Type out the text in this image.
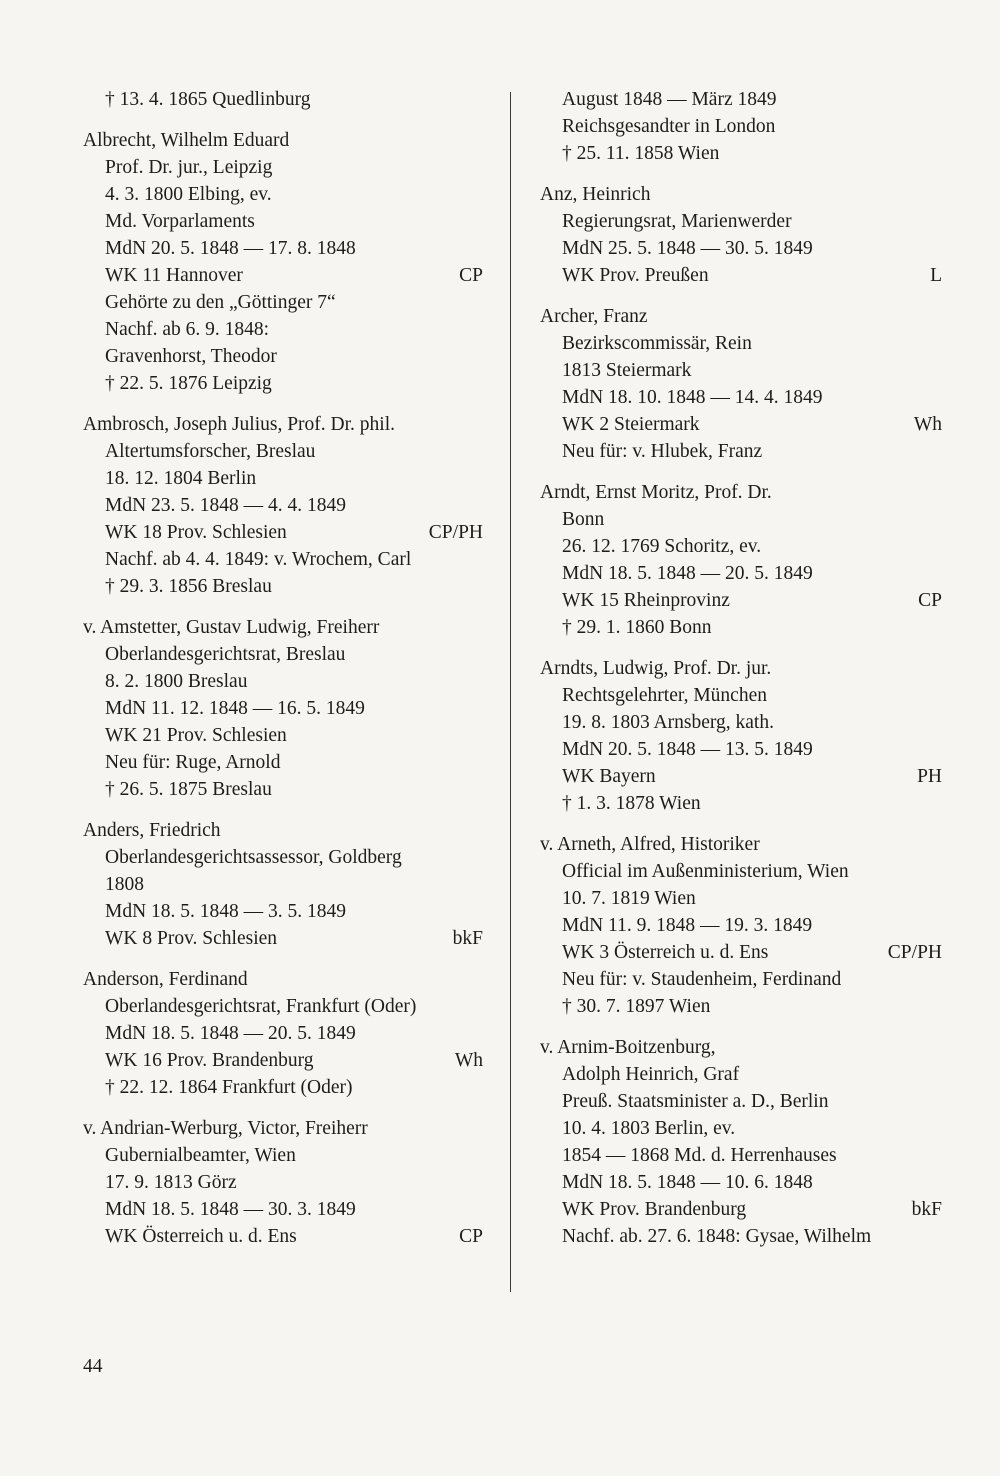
† 13. 4. 1865 Quedlinburg
Albrecht, Wilhelm Eduard
Prof. Dr. jur., Leipzig
4. 3. 1800 Elbing, ev.
Md. Vorparlaments
MdN 20. 5. 1848 — 17. 8. 1848
WK 11 Hannover	CP
Gehörte zu den „Göttinger 7“
Nachf. ab 6. 9. 1848:
Gravenhorst, Theodor
† 22. 5. 1876 Leipzig
Ambrosch, Joseph Julius, Prof. Dr. phil.
Altertumsforscher, Breslau
18. 12. 1804 Berlin
MdN 23. 5. 1848 — 4. 4. 1849
WK 18 Prov. Schlesien	CP/PH
Nachf. ab 4. 4. 1849: v. Wrochem, Carl
† 29. 3. 1856 Breslau
v. Amstetter, Gustav Ludwig, Freiherr
Oberlandesgerichtsrat, Breslau
8. 2. 1800 Breslau
MdN 11. 12. 1848 — 16. 5. 1849
WK 21 Prov. Schlesien
Neu für: Ruge, Arnold
† 26. 5. 1875 Breslau
Anders, Friedrich
Oberlandesgerichtsassessor, Goldberg
1808
MdN 18. 5. 1848 — 3. 5. 1849
WK 8 Prov. Schlesien	bkF
Anderson, Ferdinand
Oberlandesgerichtsrat, Frankfurt (Oder)
MdN 18. 5. 1848 — 20. 5. 1849
WK 16 Prov. Brandenburg	Wh
† 22. 12. 1864 Frankfurt (Oder)
v. Andrian-Werburg, Victor, Freiherr
Gubernialbeamter, Wien
17. 9. 1813 Görz
MdN 18. 5. 1848 — 30. 3. 1849
WK Österreich u. d. Ens	CP
August 1848 — März 1849
Reichsgesandter in London
† 25. 11. 1858 Wien
Anz, Heinrich
Regierungsrat, Marienwerder
MdN 25. 5. 1848 — 30. 5. 1849
WK Prov. Preußen	L
Archer, Franz
Bezirkscommissär, Rein
1813 Steiermark
MdN 18. 10. 1848 — 14. 4. 1849
WK 2 Steiermark	Wh
Neu für: v. Hlubek, Franz
Arndt, Ernst Moritz, Prof. Dr.
Bonn
26. 12. 1769 Schoritz, ev.
MdN 18. 5. 1848 — 20. 5. 1849
WK 15 Rheinprovinz	CP
† 29. 1. 1860 Bonn
Arndts, Ludwig, Prof. Dr. jur.
Rechtsgelehrter, München
19. 8. 1803 Arnsberg, kath.
MdN 20. 5. 1848 — 13. 5. 1849
WK Bayern	PH
† 1. 3. 1878 Wien
v. Arneth, Alfred, Historiker
Official im Außenministerium, Wien
10. 7. 1819 Wien
MdN 11. 9. 1848 — 19. 3. 1849
WK 3 Österreich u. d. Ens	CP/PH
Neu für: v. Staudenheim, Ferdinand
† 30. 7. 1897 Wien
v. Arnim-Boitzenburg,
Adolph Heinrich, Graf
Preuß. Staatsminister a. D., Berlin
10. 4. 1803 Berlin, ev.
1854 — 1868 Md. d. Herrenhauses
MdN 18. 5. 1848 — 10. 6. 1848
WK Prov. Brandenburg	bkF
Nachf. ab. 27. 6. 1848: Gysae, Wilhelm
44
